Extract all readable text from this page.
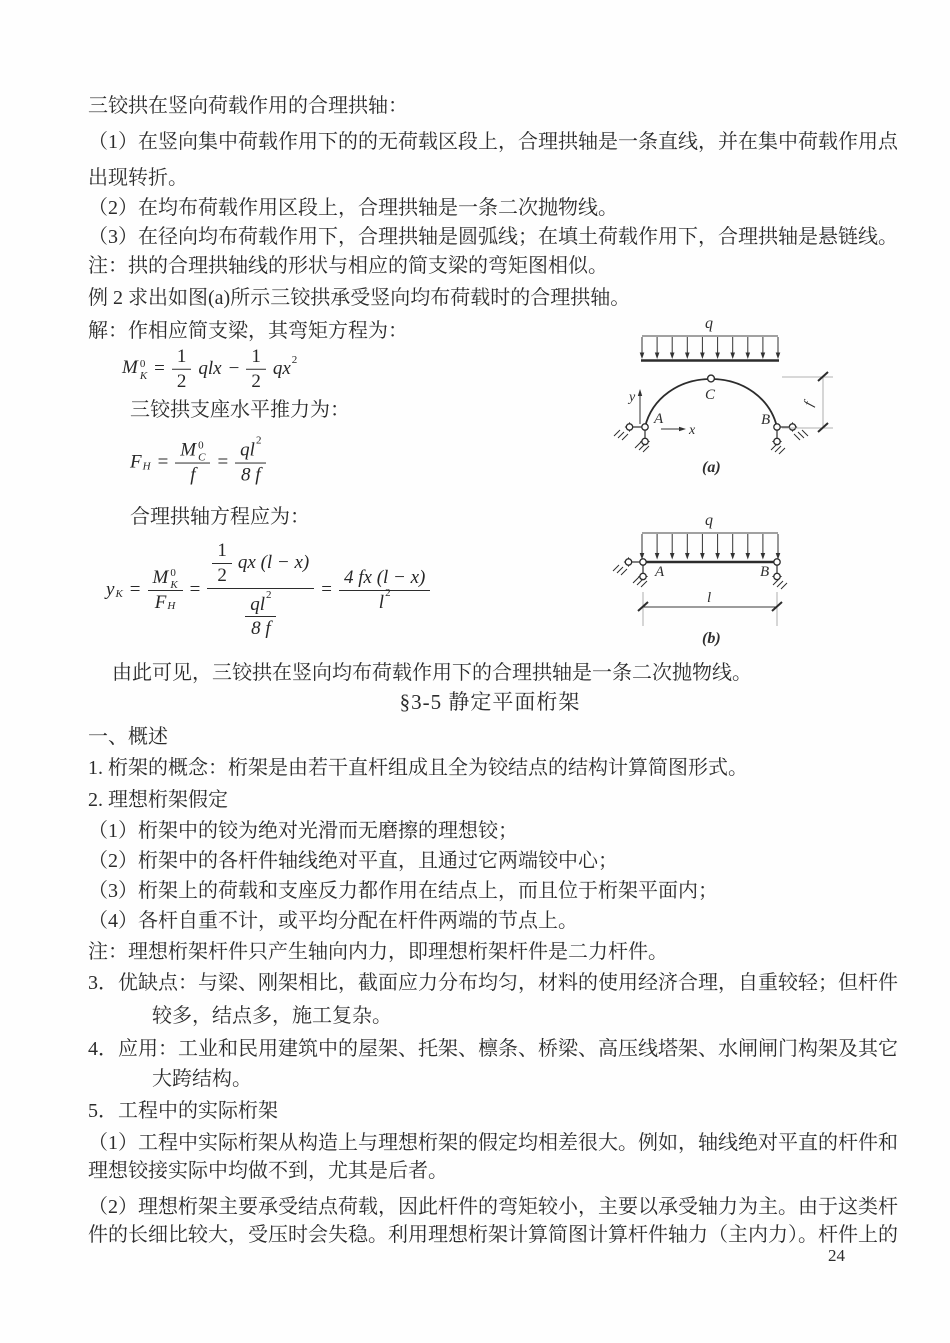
三铰拱在竖向荷载作用的合理拱轴：
（1）在竖向集中荷载作用下的的无荷载区段上，合理拱轴是一条直线，并在集中荷载作用点
出现转折。
（2）在均布荷载作用区段上，合理拱轴是一条二次抛物线。
（3）在径向均布荷载作用下，合理拱轴是圆弧线；在填土荷载作用下，合理拱轴是悬链线。
注：拱的合理拱轴线的形状与相应的简支梁的弯矩图相似。
例 2 求出如图(a)所示三铰拱承受竖向均布荷载时的合理拱轴。
解：作相应简支梁，其弯矩方程为：
M 0
$K = \frac{1}{2}$ qlx − $\frac{1}{2}$ qx 2
三铰拱支座水平推力为：
F H = M 0
C
$f = \frac{ql 2}{8 f}$
合理拱轴方程应为：
y K = M 0
K
F $H = \frac{\frac{1}{2} qx (l - x)}{\frac{ql 2}{8 f}} = \frac{4 fx (l - x)}{l 2}$
q
C
y
x
A	B
f
(a)
q
A	B
l
(b)
由此可见，三铰拱在竖向均布荷载作用下的合理拱轴是一条二次抛物线。
§3-5 静定平面桁架
一、概述
1. 桁架的概念：桁架是由若干直杆组成且全为铰结点的结构计算简图形式。
2. 理想桁架假定
（1）桁架中的铰为绝对光滑而无磨擦的理想铰；
（2）桁架中的各杆件轴线绝对平直，且通过它两端铰中心；
（3）桁架上的荷载和支座反力都作用在结点上，而且位于桁架平面内；
（4）各杆自重不计，或平均分配在杆件两端的节点上。
注：理想桁架杆件只产生轴向内力，即理想桁架杆件是二力杆件。
3．优缺点：与梁、刚架相比，截面应力分布均匀，材料的使用经济合理，自重较轻；但杆件
较多，结点多，施工复杂。
4．应用：工业和民用建筑中的屋架、托架、檩条、桥梁、高压线塔架、水闸闸门构架及其它
大跨结构。
5．工程中的实际桁架
（1）工程中实际桁架从构造上与理想桁架的假定均相差很大。例如，轴线绝对平直的杆件和
理想铰接实际中均做不到，尤其是后者。
（2）理想桁架主要承受结点荷载，因此杆件的弯矩较小，主要以承受轴力为主。由于这类杆
件的长细比较大，受压时会失稳。利用理想桁架计算简图计算杆件轴力（主内力）。杆件上的
24
